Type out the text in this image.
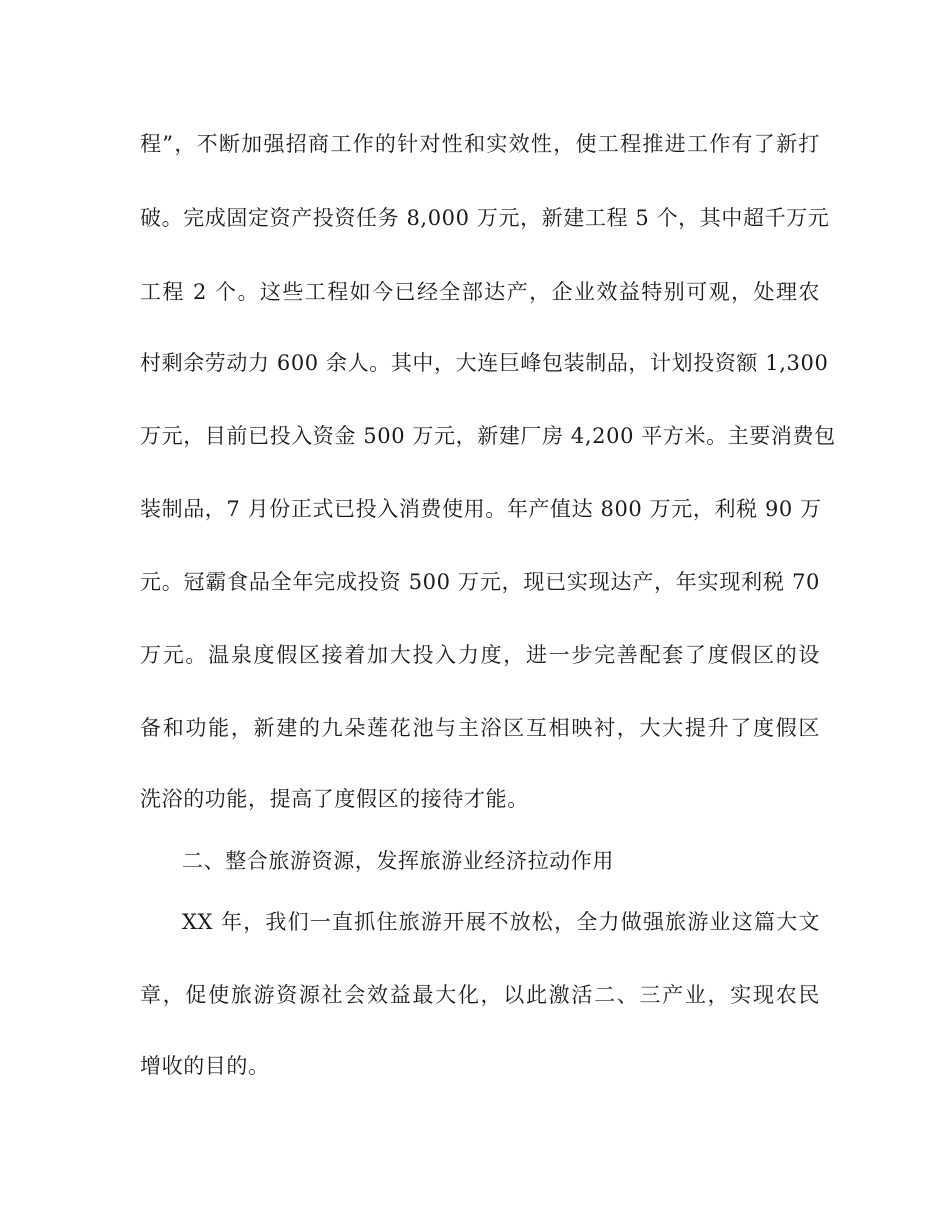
程”，不断加强招商工作的针对性和实效性，使工程推进工作有了新打
破。完成固定资产投资任务 8,000 万元，新建工程 5 个，其中超千万元
工程 2 个。这些工程如今已经全部达产，企业效益特别可观，处理农
村剩余劳动力 600 余人。其中，大连巨峰包装制品，计划投资额 1,300
万元，目前已投入资金 500 万元，新建厂房 4,200 平方米。主要消费包
装制品，7 月份正式已投入消费使用。年产值达 800 万元，利税 90 万
元。冠霸食品全年完成投资 500 万元，现已实现达产，年实现利税 70
万元。温泉度假区接着加大投入力度，进一步完善配套了度假区的设
备和功能，新建的九朵莲花池与主浴区互相映衬，大大提升了度假区
洗浴的功能，提高了度假区的接待才能。
二、整合旅游资源，发挥旅游业经济拉动作用
XX 年，我们一直抓住旅游开展不放松，全力做强旅游业这篇大文
章，促使旅游资源社会效益最大化，以此激活二、三产业，实现农民
增收的目的。
